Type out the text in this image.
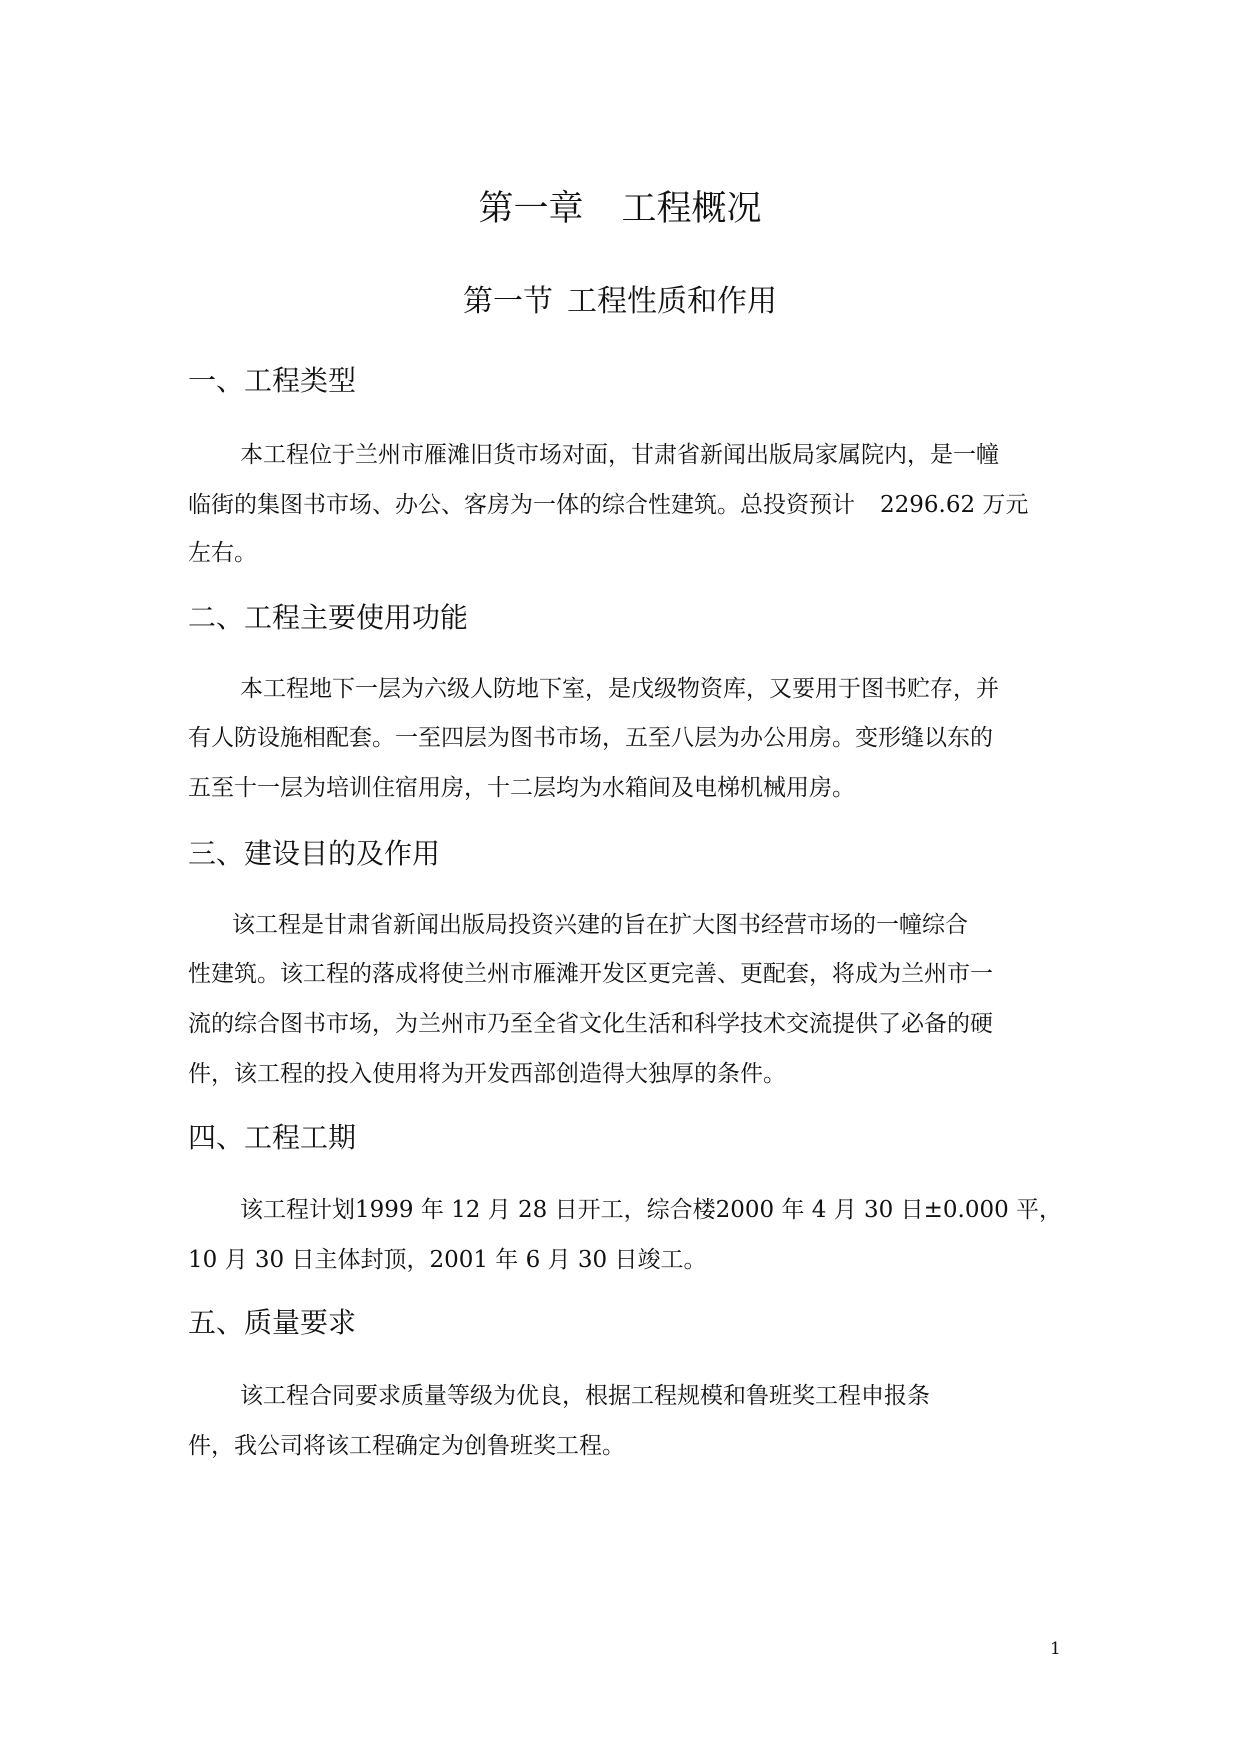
第一章 工程概况
第一节 工程性质和作用
一、工程类型
本工程位于兰州市雁滩旧货市场对面，甘肃省新闻出版局家属院内，是一幢
临街的集图书市场、办公、客房为一体的综合性建筑。总投资预计 2296.62 万元
左右。
二、工程主要使用功能
本工程地下一层为六级人防地下室，是戊级物资库，又要用于图书贮存，并
有人防设施相配套。一至四层为图书市场，五至八层为办公用房。变形缝以东的
五至十一层为培训住宿用房，十二层均为水箱间及电梯机械用房。
三、建设目的及作用
该工程是甘肃省新闻出版局投资兴建的旨在扩大图书经营市场的一幢综合
性建筑。该工程的落成将使兰州市雁滩开发区更完善、更配套，将成为兰州市一
流的综合图书市场，为兰州市乃至全省文化生活和科学技术交流提供了必备的硬
件，该工程的投入使用将为开发西部创造得大独厚的条件。
四、工程工期
该工程计划1999 年 12 月 28 日开工，综合楼2000 年 4 月 30 日±0.000 平，
10 月 30 日主体封顶，2001 年 6 月 30 日竣工。
五、质量要求
该工程合同要求质量等级为优良，根据工程规模和鲁班奖工程申报条
件，我公司将该工程确定为创鲁班奖工程。
1
